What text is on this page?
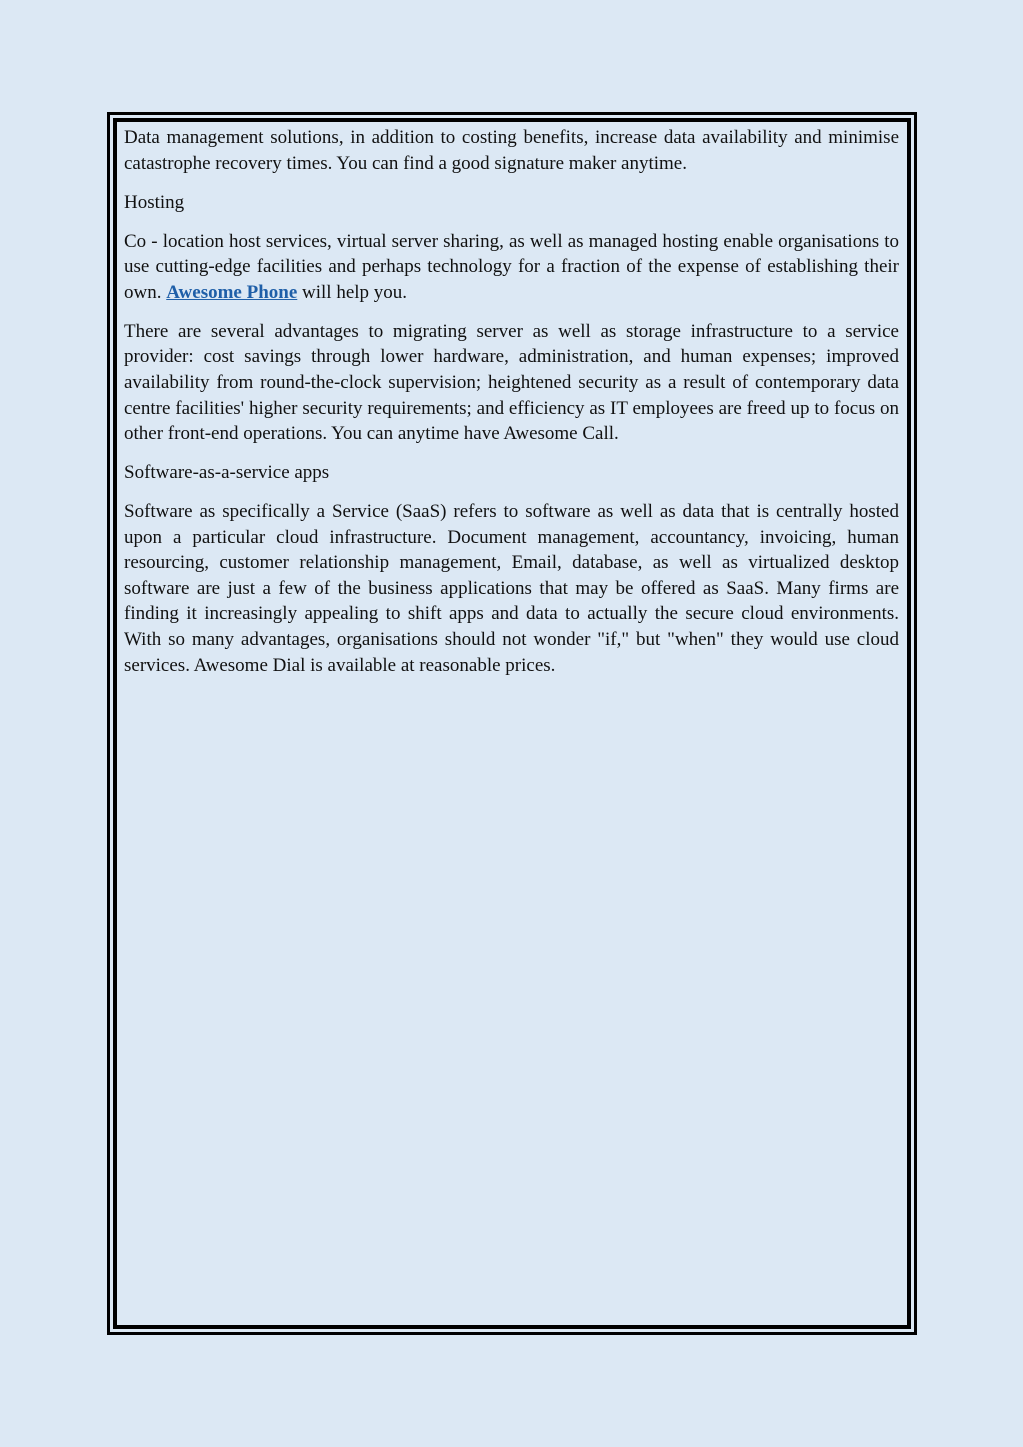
Data management solutions, in addition to costing benefits, increase data availability and minimise catastrophe recovery times. You can find a good signature maker anytime.

Hosting

Co - location host services, virtual server sharing, as well as managed hosting enable organisations to use cutting-edge facilities and perhaps technology for a fraction of the expense of establishing their own. Awesome Phone will help you.

There are several advantages to migrating server as well as storage infrastructure to a service provider: cost savings through lower hardware, administration, and human expenses; improved availability from round-the-clock supervision; heightened security as a result of contemporary data centre facilities' higher security requirements; and efficiency as IT employees are freed up to focus on other front-end operations. You can anytime have Awesome Call.

Software-as-a-service apps

Software as specifically a Service (SaaS) refers to software as well as data that is centrally hosted upon a particular cloud infrastructure. Document management, accountancy, invoicing, human resourcing, customer relationship management, Email, database, as well as virtualized desktop software are just a few of the business applications that may be offered as SaaS. Many firms are finding it increasingly appealing to shift apps and data to actually the secure cloud environments. With so many advantages, organisations should not wonder "if," but "when" they would use cloud services. Awesome Dial is available at reasonable prices.
